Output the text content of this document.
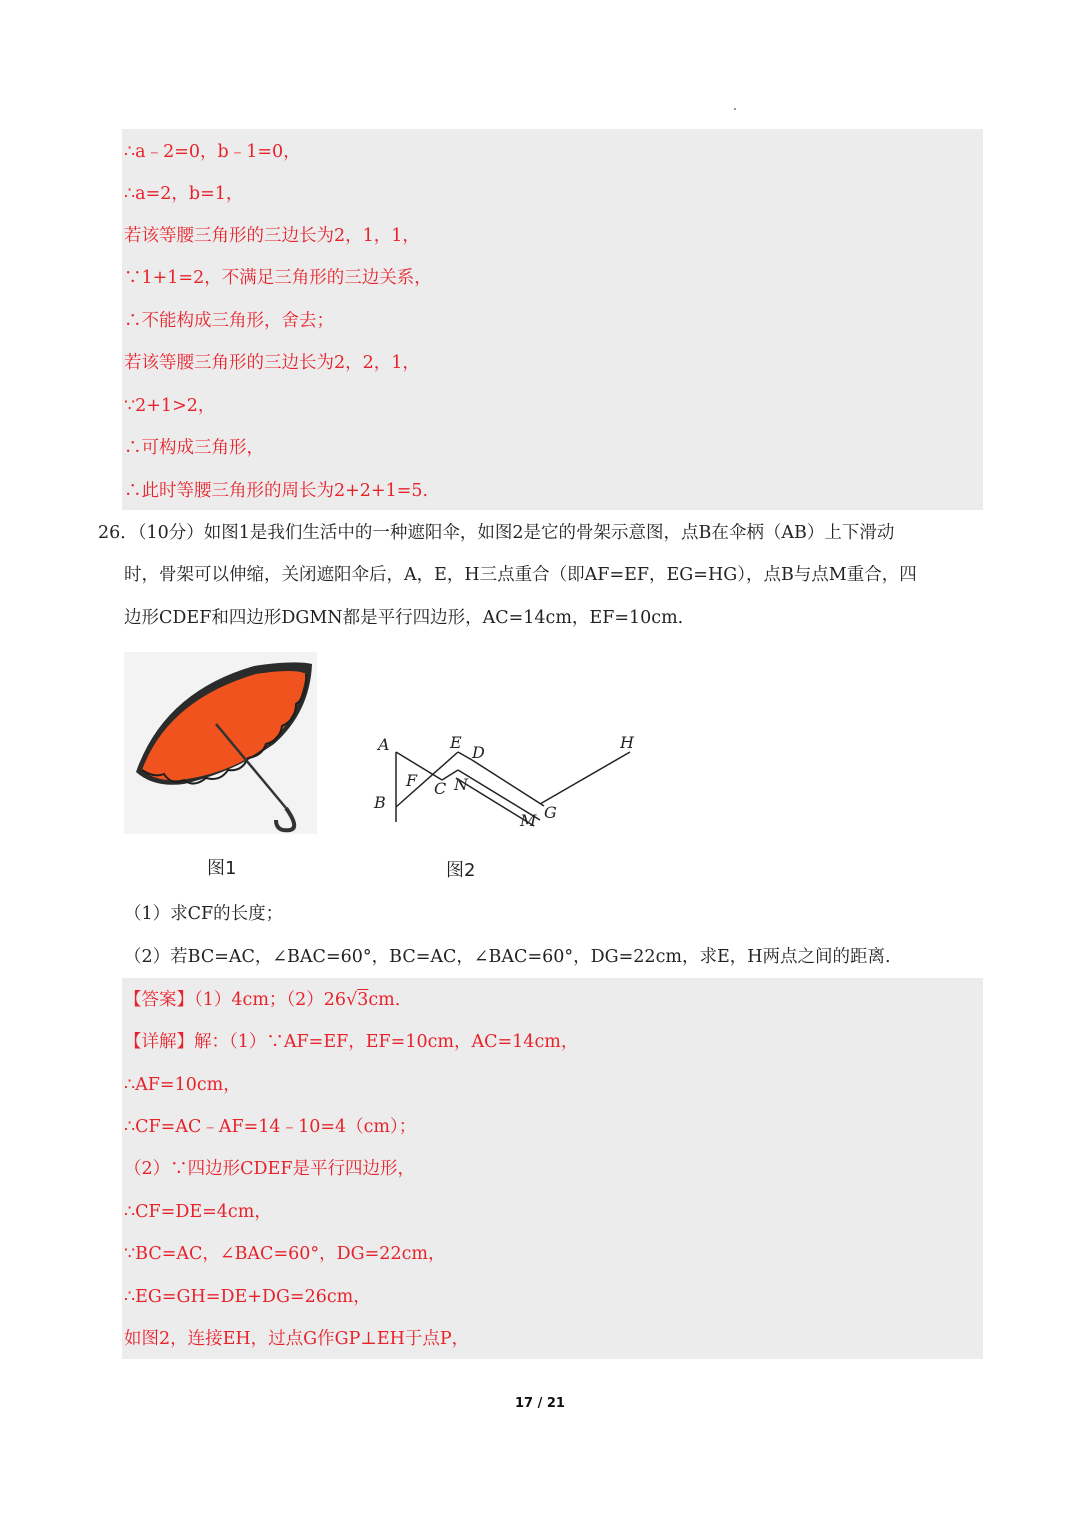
∴a﹣2=0，b﹣1=0，
∴a=2，b=1，
若该等腰三角形的三边长为2，1，1，
∵1+1=2，不满足三角形的三边关系，
∴不能构成三角形，舍去；
若该等腰三角形的三边长为2，2，1，
∵2+1>2，
∴可构成三角形，
∴此时等腰三角形的周长为2+2+1=5.
26．（10分）如图1是我们生活中的一种遮阳伞，如图2是它的骨架示意图，点B在伞柄（AB）上下滑动
时，骨架可以伸缩，关闭遮阳伞后，A，E，H三点重合（即AF=EF，EG=HG），点B与点M重合，四
边形CDEF和四边形DGMN都是平行四边形，AC=14cm，EF=10cm.
A
B
E
D
F C N
M G
H
图1	图2
（1）求CF的长度；
（2）若BC=AC，∠BAC=60°，BC=AC，∠BAC=60°，DG=22cm，求E，H两点之间的距离.
【答案】（1）4cm；（2）26√3cm.
【详解】解：（1）∵AF=EF，EF=10cm，AC=14cm，
∴AF=10cm，
∴CF=AC﹣AF=14﹣10=4（cm）；
（2）∵四边形CDEF是平行四边形，
∴CF=DE=4cm，
∵BC=AC，∠BAC=60°，DG=22cm，
∴EG=GH=DE+DG=26cm，
如图2，连接EH，过点G作GP⊥EH于点P，
17 / 21
